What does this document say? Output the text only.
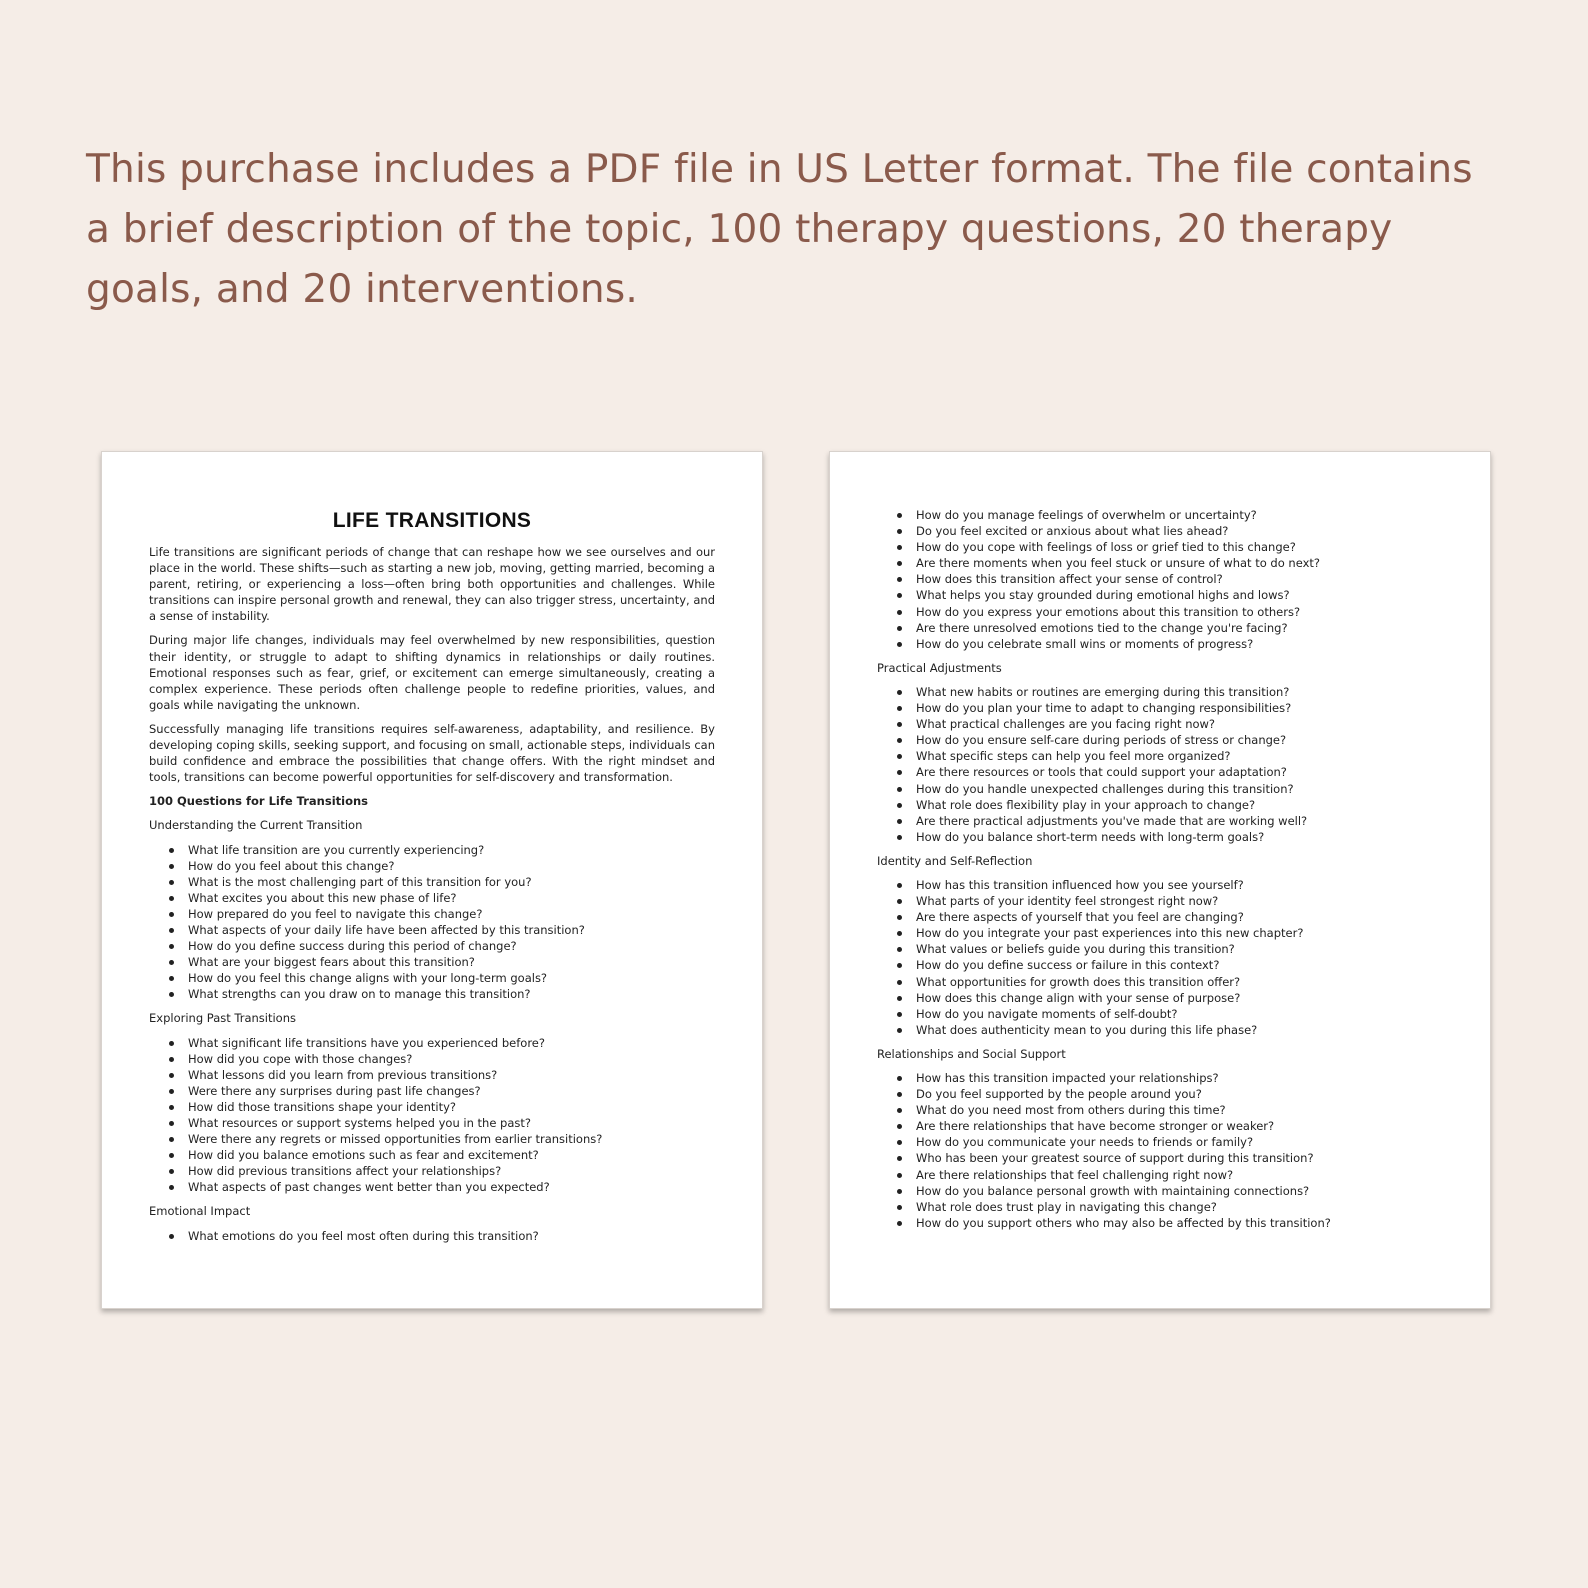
This purchase includes a PDF file in US Letter format. The file contains a brief description of the topic, 100 therapy questions, 20 therapy goals, and 20 interventions.

LIFE TRANSITIONS

Life transitions are significant periods of change that can reshape how we see ourselves and our place in the world. These shifts—such as starting a new job, moving, getting married, becoming a parent, retiring, or experiencing a loss—often bring both opportunities and challenges. While transitions can inspire personal growth and renewal, they can also trigger stress, uncertainty, and a sense of instability.

During major life changes, individuals may feel overwhelmed by new responsibilities, question their identity, or struggle to adapt to shifting dynamics in relationships or daily routines. Emotional responses such as fear, grief, or excitement can emerge simultaneously, creating a complex experience. These periods often challenge people to redefine priorities, values, and goals while navigating the unknown.

Successfully managing life transitions requires self-awareness, adaptability, and resilience. By developing coping skills, seeking support, and focusing on small, actionable steps, individuals can build confidence and embrace the possibilities that change offers. With the right mindset and tools, transitions can become powerful opportunities for self-discovery and transformation.

100 Questions for Life Transitions
Understanding the Current Transition
What life transition are you currently experiencing?
How do you feel about this change?
What is the most challenging part of this transition for you?
What excites you about this new phase of life?
How prepared do you feel to navigate this change?
What aspects of your daily life have been affected by this transition?
How do you define success during this period of change?
What are your biggest fears about this transition?
How do you feel this change aligns with your long-term goals?
What strengths can you draw on to manage this transition?
Exploring Past Transitions
What significant life transitions have you experienced before?
How did you cope with those changes?
What lessons did you learn from previous transitions?
Were there any surprises during past life changes?
How did those transitions shape your identity?
What resources or support systems helped you in the past?
Were there any regrets or missed opportunities from earlier transitions?
How did you balance emotions such as fear and excitement?
How did previous transitions affect your relationships?
What aspects of past changes went better than you expected?
Emotional Impact
What emotions do you feel most often during this transition?
How do you manage feelings of overwhelm or uncertainty?
Do you feel excited or anxious about what lies ahead?
How do you cope with feelings of loss or grief tied to this change?
Are there moments when you feel stuck or unsure of what to do next?
How does this transition affect your sense of control?
What helps you stay grounded during emotional highs and lows?
How do you express your emotions about this transition to others?
Are there unresolved emotions tied to the change you're facing?
How do you celebrate small wins or moments of progress?
Practical Adjustments
What new habits or routines are emerging during this transition?
How do you plan your time to adapt to changing responsibilities?
What practical challenges are you facing right now?
How do you ensure self-care during periods of stress or change?
What specific steps can help you feel more organized?
Are there resources or tools that could support your adaptation?
How do you handle unexpected challenges during this transition?
What role does flexibility play in your approach to change?
Are there practical adjustments you've made that are working well?
How do you balance short-term needs with long-term goals?
Identity and Self-Reflection
How has this transition influenced how you see yourself?
What parts of your identity feel strongest right now?
Are there aspects of yourself that you feel are changing?
How do you integrate your past experiences into this new chapter?
What values or beliefs guide you during this transition?
How do you define success or failure in this context?
What opportunities for growth does this transition offer?
How does this change align with your sense of purpose?
How do you navigate moments of self-doubt?
What does authenticity mean to you during this life phase?
Relationships and Social Support
How has this transition impacted your relationships?
Do you feel supported by the people around you?
What do you need most from others during this time?
Are there relationships that have become stronger or weaker?
How do you communicate your needs to friends or family?
Who has been your greatest source of support during this transition?
Are there relationships that feel challenging right now?
How do you balance personal growth with maintaining connections?
What role does trust play in navigating this change?
How do you support others who may also be affected by this transition?
